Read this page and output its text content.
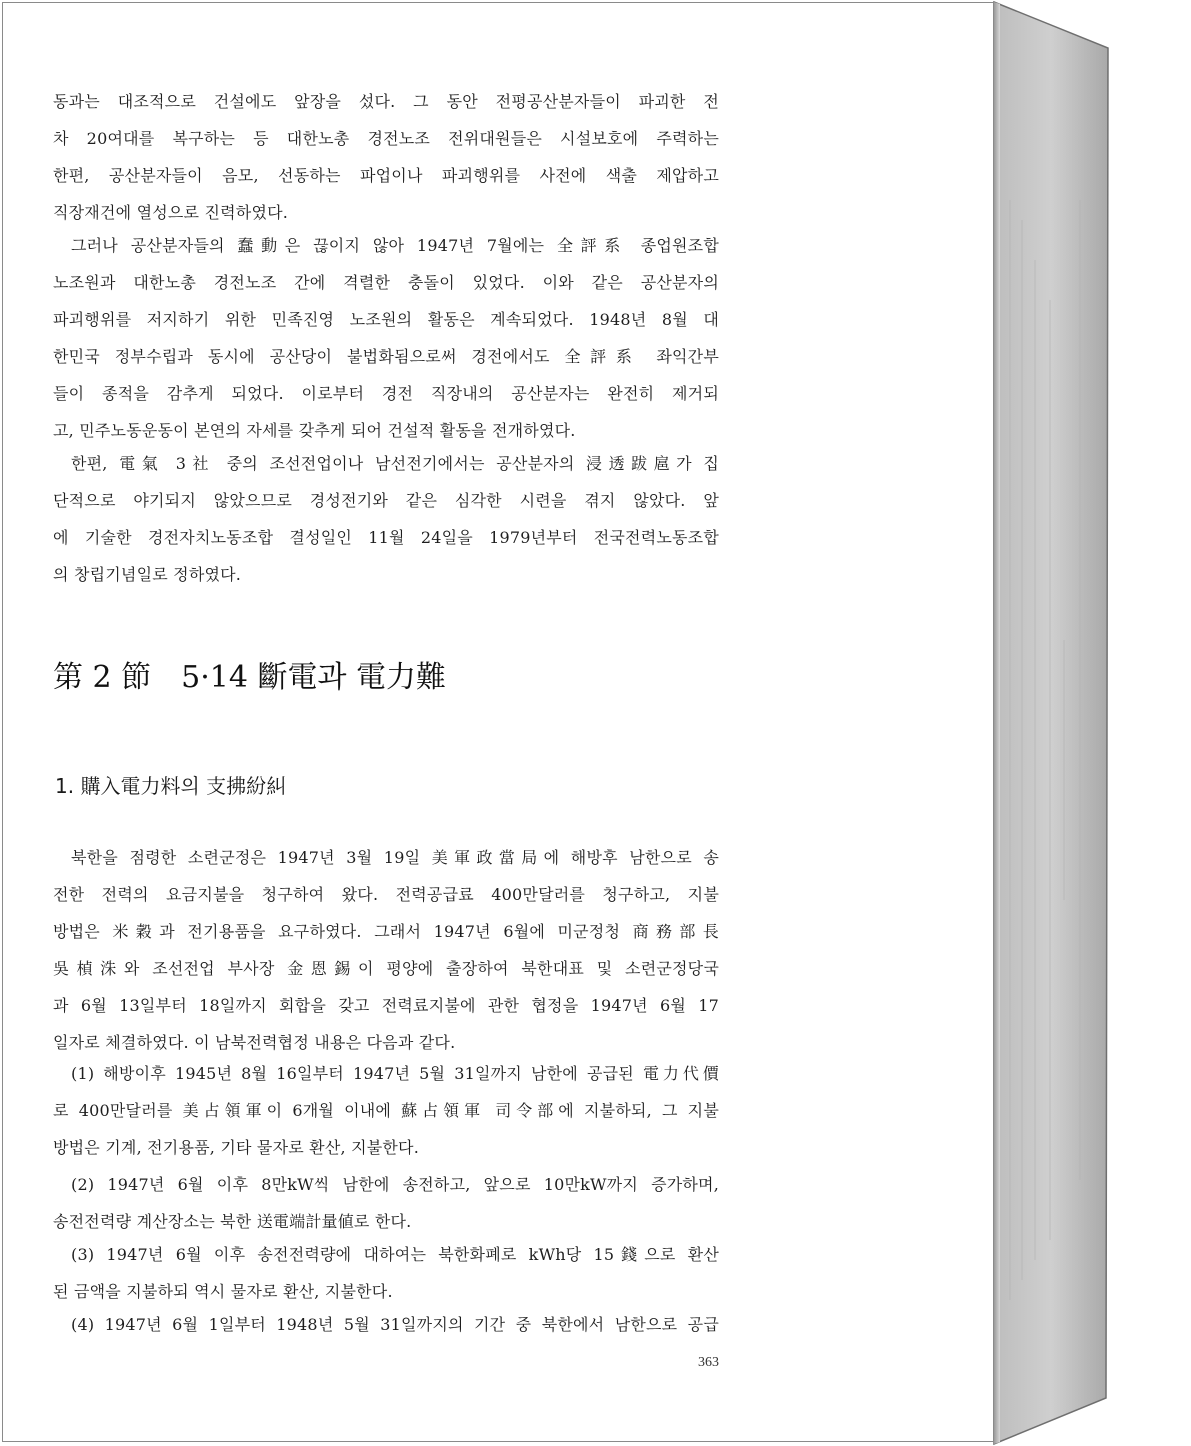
동과는 대조적으로 건설에도 앞장을 섰다. 그 동안 전평공산분자들이 파괴한 전
차 20여대를 복구하는 등 대한노총 경전노조 전위대원들은 시설보호에 주력하는
한편, 공산분자들이 음모, 선동하는 파업이나 파괴행위를 사전에 색출 제압하고
직장재건에 열성으로 진력하였다.
그러나 공산분자들의 蠢動은 끊이지 않아 1947년 7월에는 全評系 종업원조합
노조원과 대한노총 경전노조 간에 격렬한 충돌이 있었다. 이와 같은 공산분자의
파괴행위를 저지하기 위한 민족진영 노조원의 활동은 계속되었다. 1948년 8월 대
한민국 정부수립과 동시에 공산당이 불법화됨으로써 경전에서도 全評系 좌익간부
들이 종적을 감추게 되었다. 이로부터 경전 직장내의 공산분자는 완전히 제거되
고, 민주노동운동이 본연의 자세를 갖추게 되어 건설적 활동을 전개하였다.
한편, 電氣 3社 중의 조선전업이나 남선전기에서는 공산분자의 浸透跋扈가 집
단적으로 야기되지 않았으므로 경성전기와 같은 심각한 시련을 겪지 않았다. 앞
에 기술한 경전자치노동조합 결성일인 11월 24일을 1979년부터 전국전력노동조합
의 창립기념일로 정하였다.
第 2 節　5·14 斷電과 電力難
1. 購入電力料의 支拂紛糾
북한을 점령한 소련군정은 1947년 3월 19일 美軍政當局에 해방후 남한으로 송
전한 전력의 요금지불을 청구하여 왔다. 전력공급료 400만달러를 청구하고, 지불
방법은 米穀과 전기용품을 요구하였다. 그래서 1947년 6월에 미군정청 商務部長
吳楨洙와 조선전업 부사장 金恩錫이 평양에 출장하여 북한대표 및 소련군정당국
과 6월 13일부터 18일까지 회합을 갖고 전력료지불에 관한 협정을 1947년 6월 17
일자로 체결하였다. 이 남북전력협정 내용은 다음과 같다.
(1) 해방이후 1945년 8월 16일부터 1947년 5월 31일까지 남한에 공급된 電力代價
로 400만달러를 美占領軍이 6개월 이내에 蘇占領軍 司令部에 지불하되, 그 지불
방법은 기계, 전기용품, 기타 물자로 환산, 지불한다.
(2) 1947년 6월 이후 8만kW씩 남한에 송전하고, 앞으로 10만kW까지 증가하며,
송전전력량 계산장소는 북한 送電端計量値로 한다.
(3) 1947년 6월 이후 송전전력량에 대하여는 북한화폐로 kWh당 15錢으로 환산
된 금액을 지불하되 역시 물자로 환산, 지불한다.
(4) 1947년 6월 1일부터 1948년 5월 31일까지의 기간 중 북한에서 남한으로 공급
363
